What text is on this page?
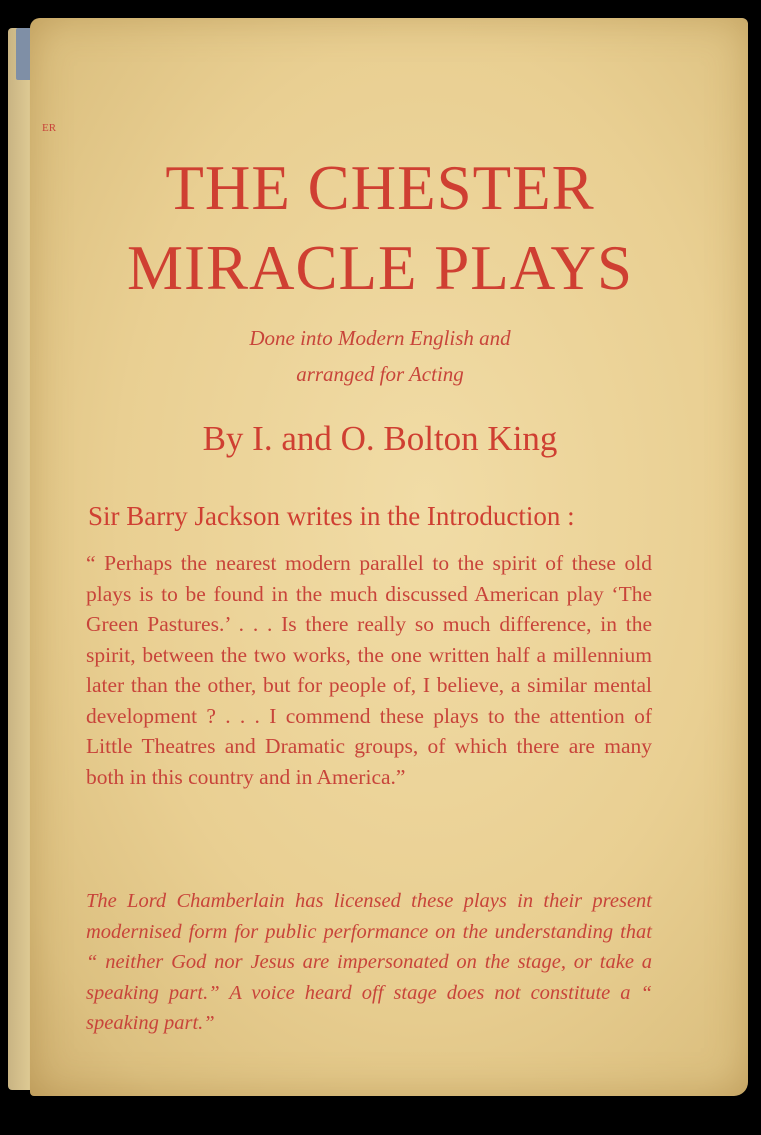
ER
THE CHESTER
MIRACLE PLAYS
Done into Modern English and
arranged for Acting
By I. and O. Bolton King
Sir Barry Jackson writes in the Introduction :
“ Perhaps the nearest modern parallel to the spirit of these old plays is to be found in the much discussed American play ‘The Green Pastures.’ . . . Is there really so much difference, in the spirit, between the two works, the one written half a millennium later than the other, but for people of, I believe, a similar mental development ? . . . I commend these plays to the attention of Little Theatres and Dramatic groups, of which there are many both in this country and in America.”
The Lord Chamberlain has licensed these plays in their present modernised form for public performance on the understanding that “ neither God nor Jesus are impersonated on the stage, or take a speaking part.” A voice heard off stage does not constitute a “ speaking part.”
